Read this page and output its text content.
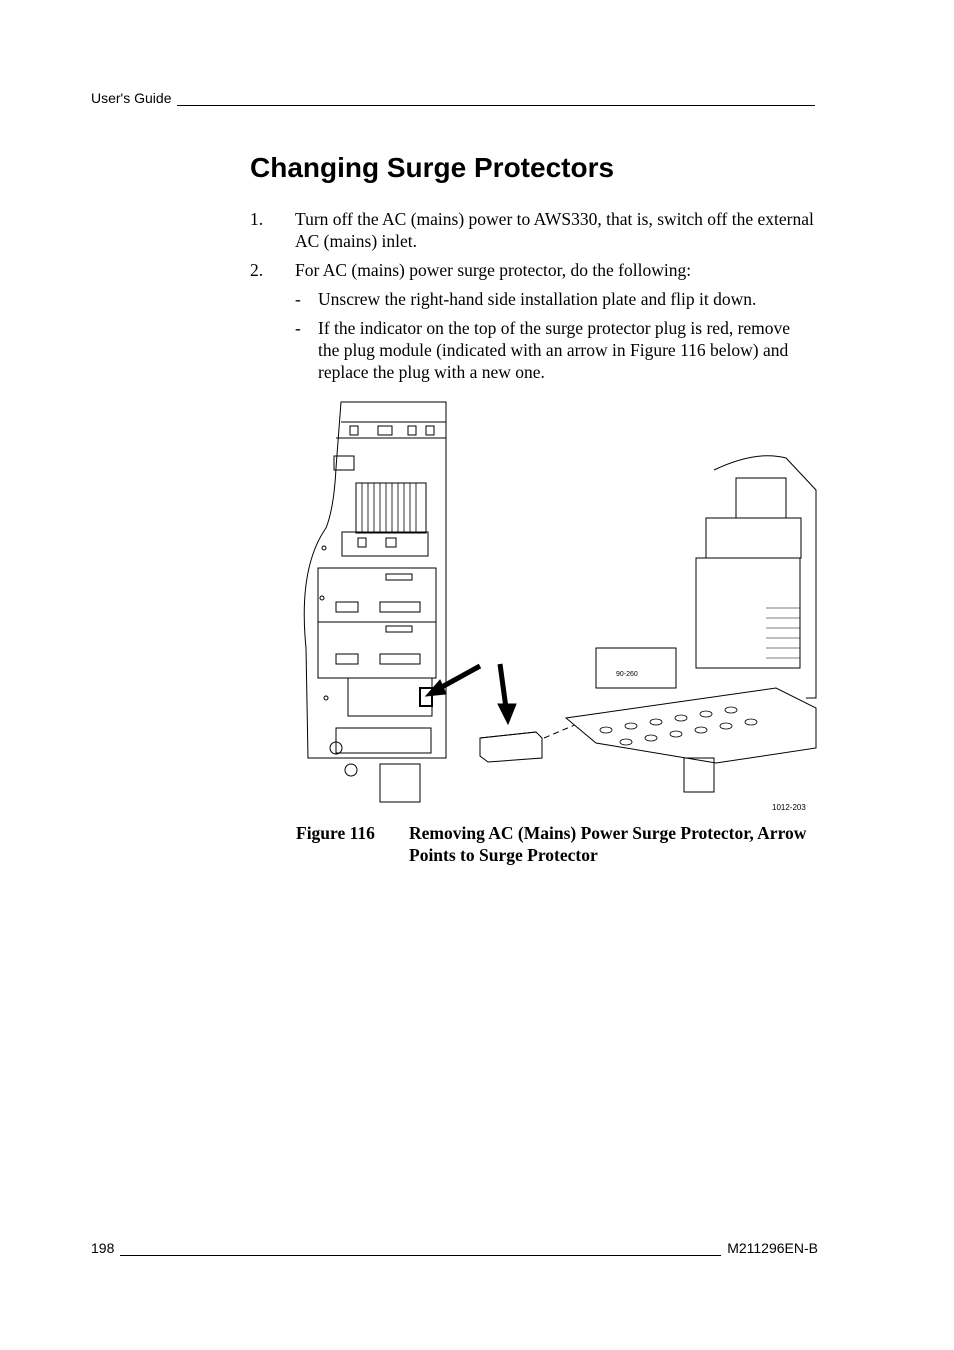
User's Guide
Changing Surge Protectors
1. Turn off the AC (mains) power to AWS330, that is, switch off the external AC (mains) inlet.
2. For AC (mains) power surge protector, do the following:
- Unscrew the right-hand side installation plate and flip it down.
- If the indicator on the top of the surge protector plug is red, remove the plug module (indicated with an arrow in Figure 116 below) and replace the plug with a new one.
90-260
1012-203
Figure 116	Removing AC (Mains) Power Surge Protector, Arrow Points to Surge Protector
198	M211296EN-B
